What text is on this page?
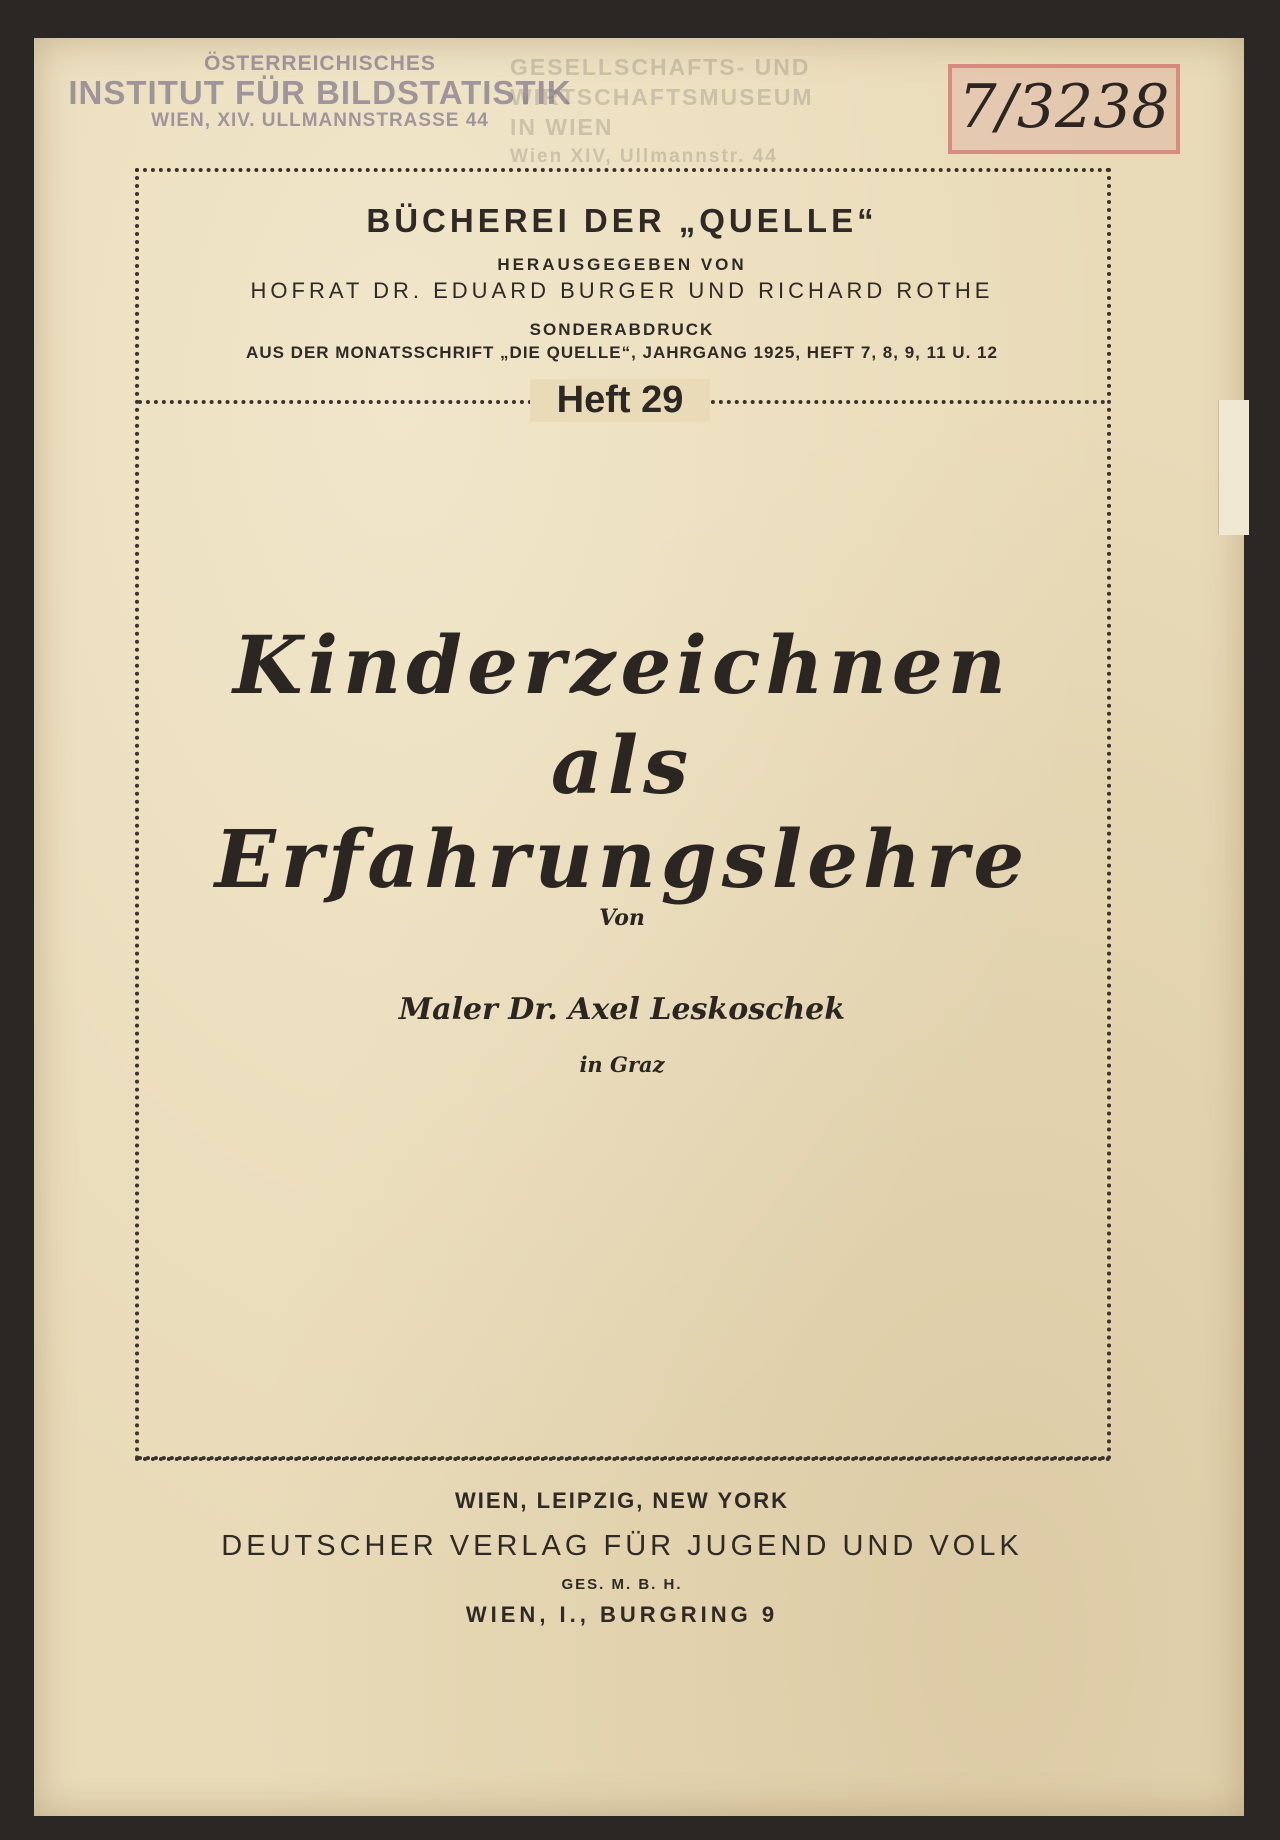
ÖSTERREICHISCHES
INSTITUT FÜR BILDSTATISTIK
WIEN, XIV. ULLMANNSTRASSE 44
GESELLSCHAFTS- UND
WIRTSCHAFTSMUSEUM
IN WIEN
Wien XIV, Ullmannstr. 44
7/3238
BÜCHEREI DER „QUELLE“
HERAUSGEGEBEN VON
HOFRAT DR. EDUARD BURGER UND RICHARD ROTHE
SONDERABDRUCK
AUS DER MONATSSCHRIFT „DIE QUELLE“, JAHRGANG 1925, HEFT 7, 8, 9, 11 U. 12
Heft 29
Kinderzeichnen
als Erfahrungslehre
Von
Maler Dr. Axel Leskoschek
in Graz
WIEN, LEIPZIG, NEW YORK
DEUTSCHER VERLAG FÜR JUGEND UND VOLK
GES. M. B. H.
WIEN, I., BURGRING 9
